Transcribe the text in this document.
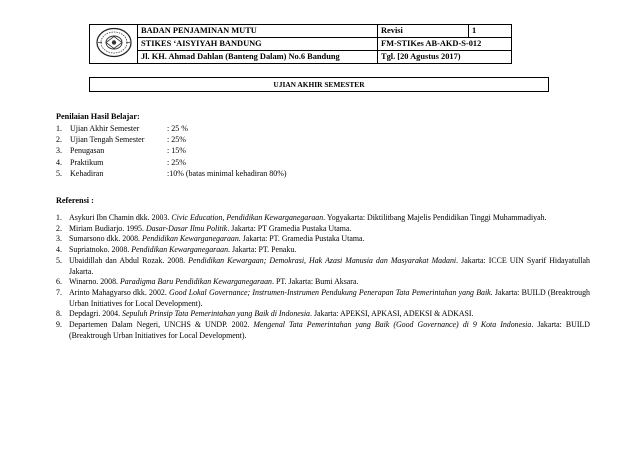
	BADAN PENJAMINAN MUTU	Revisi	1
	STIKES ‘AISYIYAH BANDUNG	FM-STIKes AB-AKD-S-012	
	Jl. KH. Ahmad Dahlan (Banteng Dalam) No.6 Bandung	Tgl. [20 Agustus 2017)	
UJIAN AKHIR SEMESTER
Penilaian Hasil Belajar:
1.	Ujian Akhir Semester	: 25 %
2.	Ujian Tengah Semester	: 25%
3.	Penugasan	: 15%
4.	Praktikum	: 25%
5.	Kehadiran	:10% (batas minimal kehadiran 80%)
Referensi :
1. Asykuri Ibn Chamin dkk. 2003. Civic Education, Pendidikan Kewarganegaraan. Yogyakarta: Diktilitbang Majelis Pendidikan Tinggi Muhammadiyah.
2. Miriam Budiarjo. 1995. Dasar-Dasar Ilmu Politik. Jakarta: PT Gramedia Pustaka Utama.
3. Sumarsono dkk. 2008. Pendidikan Kewarganegaraan. Jakarta: PT. Gramedia Pustaka Utama.
4. Supriatnoko. 2008. Pendidikan Kewarganegaraan. Jakarta: PT. Penaku.
5. Ubaidillah dan Abdul Rozak. 2008. Pendidikan Kewargaan; Demokrasi, Hak Azasi Manusia dan Masyarakat Madani. Jakarta: ICCE UIN Syarif Hidayatullah Jakarta.
6. Winarno. 2008. Paradigma Baru Pendidikan Kewarganegaraan. PT. Jakarta: Bumi Aksara.
7. Arinto Mahagyarso dkk. 2002. Good Lokal Governance; Instrumen-Instrumen Pendukung Penerapan Tata Pemerintahan yang Baik. Jakarta: BUILD (Breaktrough Urban Initiatives for Local Development).
8. Depdagri. 2004. Sepuluh Prinsip Tata Pemerintahan yang Baik di Indonesia. Jakarta: APEKSI, APKASI, ADEKSI & ADKASI.
9. Departemen Dalam Negeri, UNCHS & UNDP. 2002. Mengenal Tata Pemerintahan yang Baik (Good Governance) di 9 Kota Indonesia. Jakarta: BUILD (Breaktrough Urban Initiatives for Local Development).
